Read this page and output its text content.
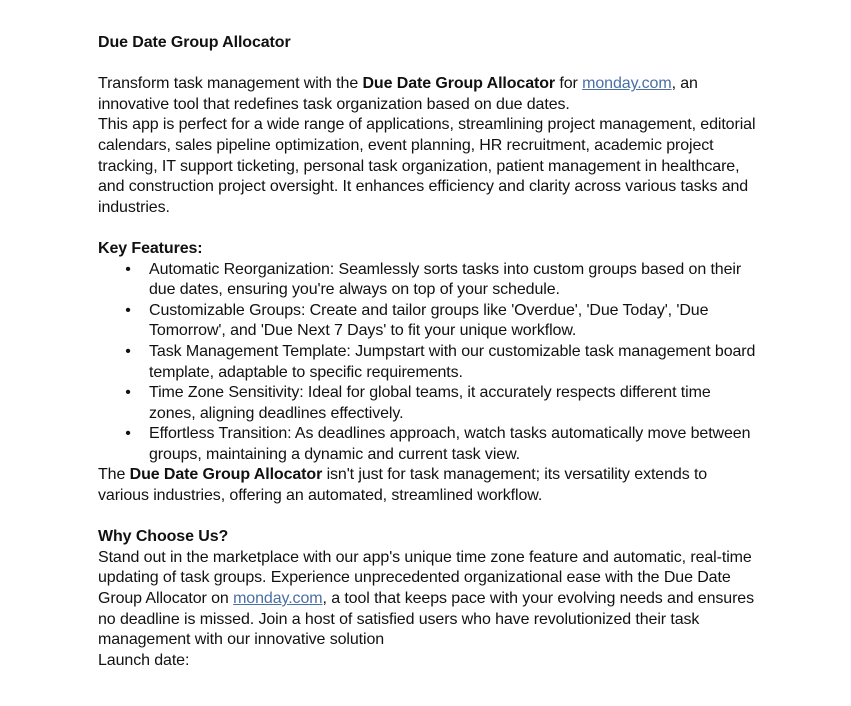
Due Date Group Allocator

Transform task management with the Due Date Group Allocator for monday.com, an innovative tool that redefines task organization based on due dates.

This app is perfect for a wide range of applications, streamlining project management, editorial calendars, sales pipeline optimization, event planning, HR recruitment, academic project tracking, IT support ticketing, personal task organization, patient management in healthcare, and construction project oversight. It enhances efficiency and clarity across various tasks and industries.

Key Features:

• Automatic Reorganization: Seamlessly sorts tasks into custom groups based on their due dates, ensuring you're always on top of your schedule.
• Customizable Groups: Create and tailor groups like 'Overdue', 'Due Today', 'Due Tomorrow', and 'Due Next 7 Days' to fit your unique workflow.
• Task Management Template: Jumpstart with our customizable task management board template, adaptable to specific requirements.
• Time Zone Sensitivity: Ideal for global teams, it accurately respects different time zones, aligning deadlines effectively.
• Effortless Transition: As deadlines approach, watch tasks automatically move between groups, maintaining a dynamic and current task view.

The Due Date Group Allocator isn't just for task management; its versatility extends to various industries, offering an automated, streamlined workflow.

Why Choose Us?

Stand out in the marketplace with our app's unique time zone feature and automatic, real-time updating of task groups. Experience unprecedented organizational ease with the Due Date Group Allocator on monday.com, a tool that keeps pace with your evolving needs and ensures no deadline is missed. Join a host of satisfied users who have revolutionized their task management with our innovative solution

Launch date:
